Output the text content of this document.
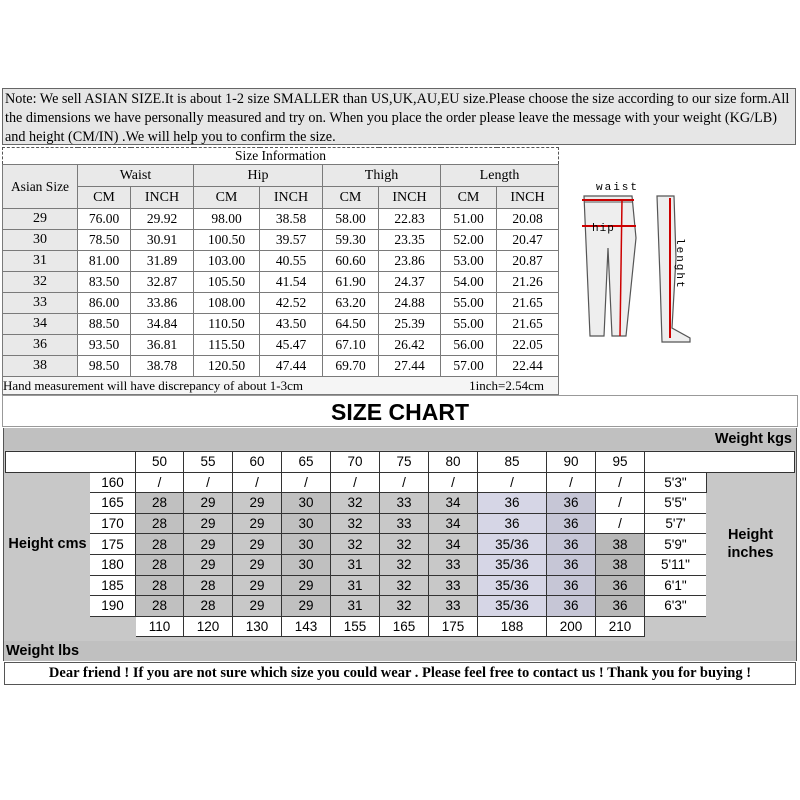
Note: We sell ASIAN SIZE.It is about 1-2 size SMALLER than US,UK,AU,EU size.Please choose the size according to our size form.All the dimensions we have personally measured and try on. When you place the order please leave the message with your weight (KG/LB) and height (CM/IN) .We will help you to confirm the size.
Size Information								
Asian Size	Waist		Hip		Thigh		Length	
	CM	INCH	CM	INCH	CM	INCH	CM	INCH
29	76.00	29.92	98.00	38.58	58.00	22.83	51.00	20.08
30	78.50	30.91	100.50	39.57	59.30	23.35	52.00	20.47
31	81.00	31.89	103.00	40.55	60.60	23.86	53.00	20.87
32	83.50	32.87	105.50	41.54	61.90	24.37	54.00	21.26
33	86.00	33.86	108.00	42.52	63.20	24.88	55.00	21.65
34	88.50	34.84	110.50	43.50	64.50	25.39	55.00	21.65
36	93.50	36.81	115.50	45.47	67.10	26.42	56.00	22.05
38	98.50	38.78	120.50	47.44	69.70	27.44	57.00	22.44
Hand measurement will have discrepancy of about 1-3cm 1inch=2.54cm								
waist
hip
lenght
SIZE CHART
Weight kgs
		50	55	60	65	70	75	80	85	90	95		
Height cms	160	/	/	/	/	/	/	/	/	/	/	5'3"	Height inches
	165	28	29	29	30	32	33	34	36	36	/	5'5"	
	170	28	29	29	30	32	33	34	36	36	/	5'7'	
	175	28	29	29	30	32	32	34	35/36	36	38	5'9"	
	180	28	29	29	30	31	32	33	35/36	36	38	5'11"	
	185	28	28	29	29	31	32	33	35/36	36	36	6'1"	
	190	28	28	29	29	31	32	33	35/36	36	36	6'3"	
		110	120	130	143	155	165	175	188	200	210		
Weight lbs
Dear friend ! If you are not sure which size you could wear . Please feel free to contact us ! Thank you for buying !
